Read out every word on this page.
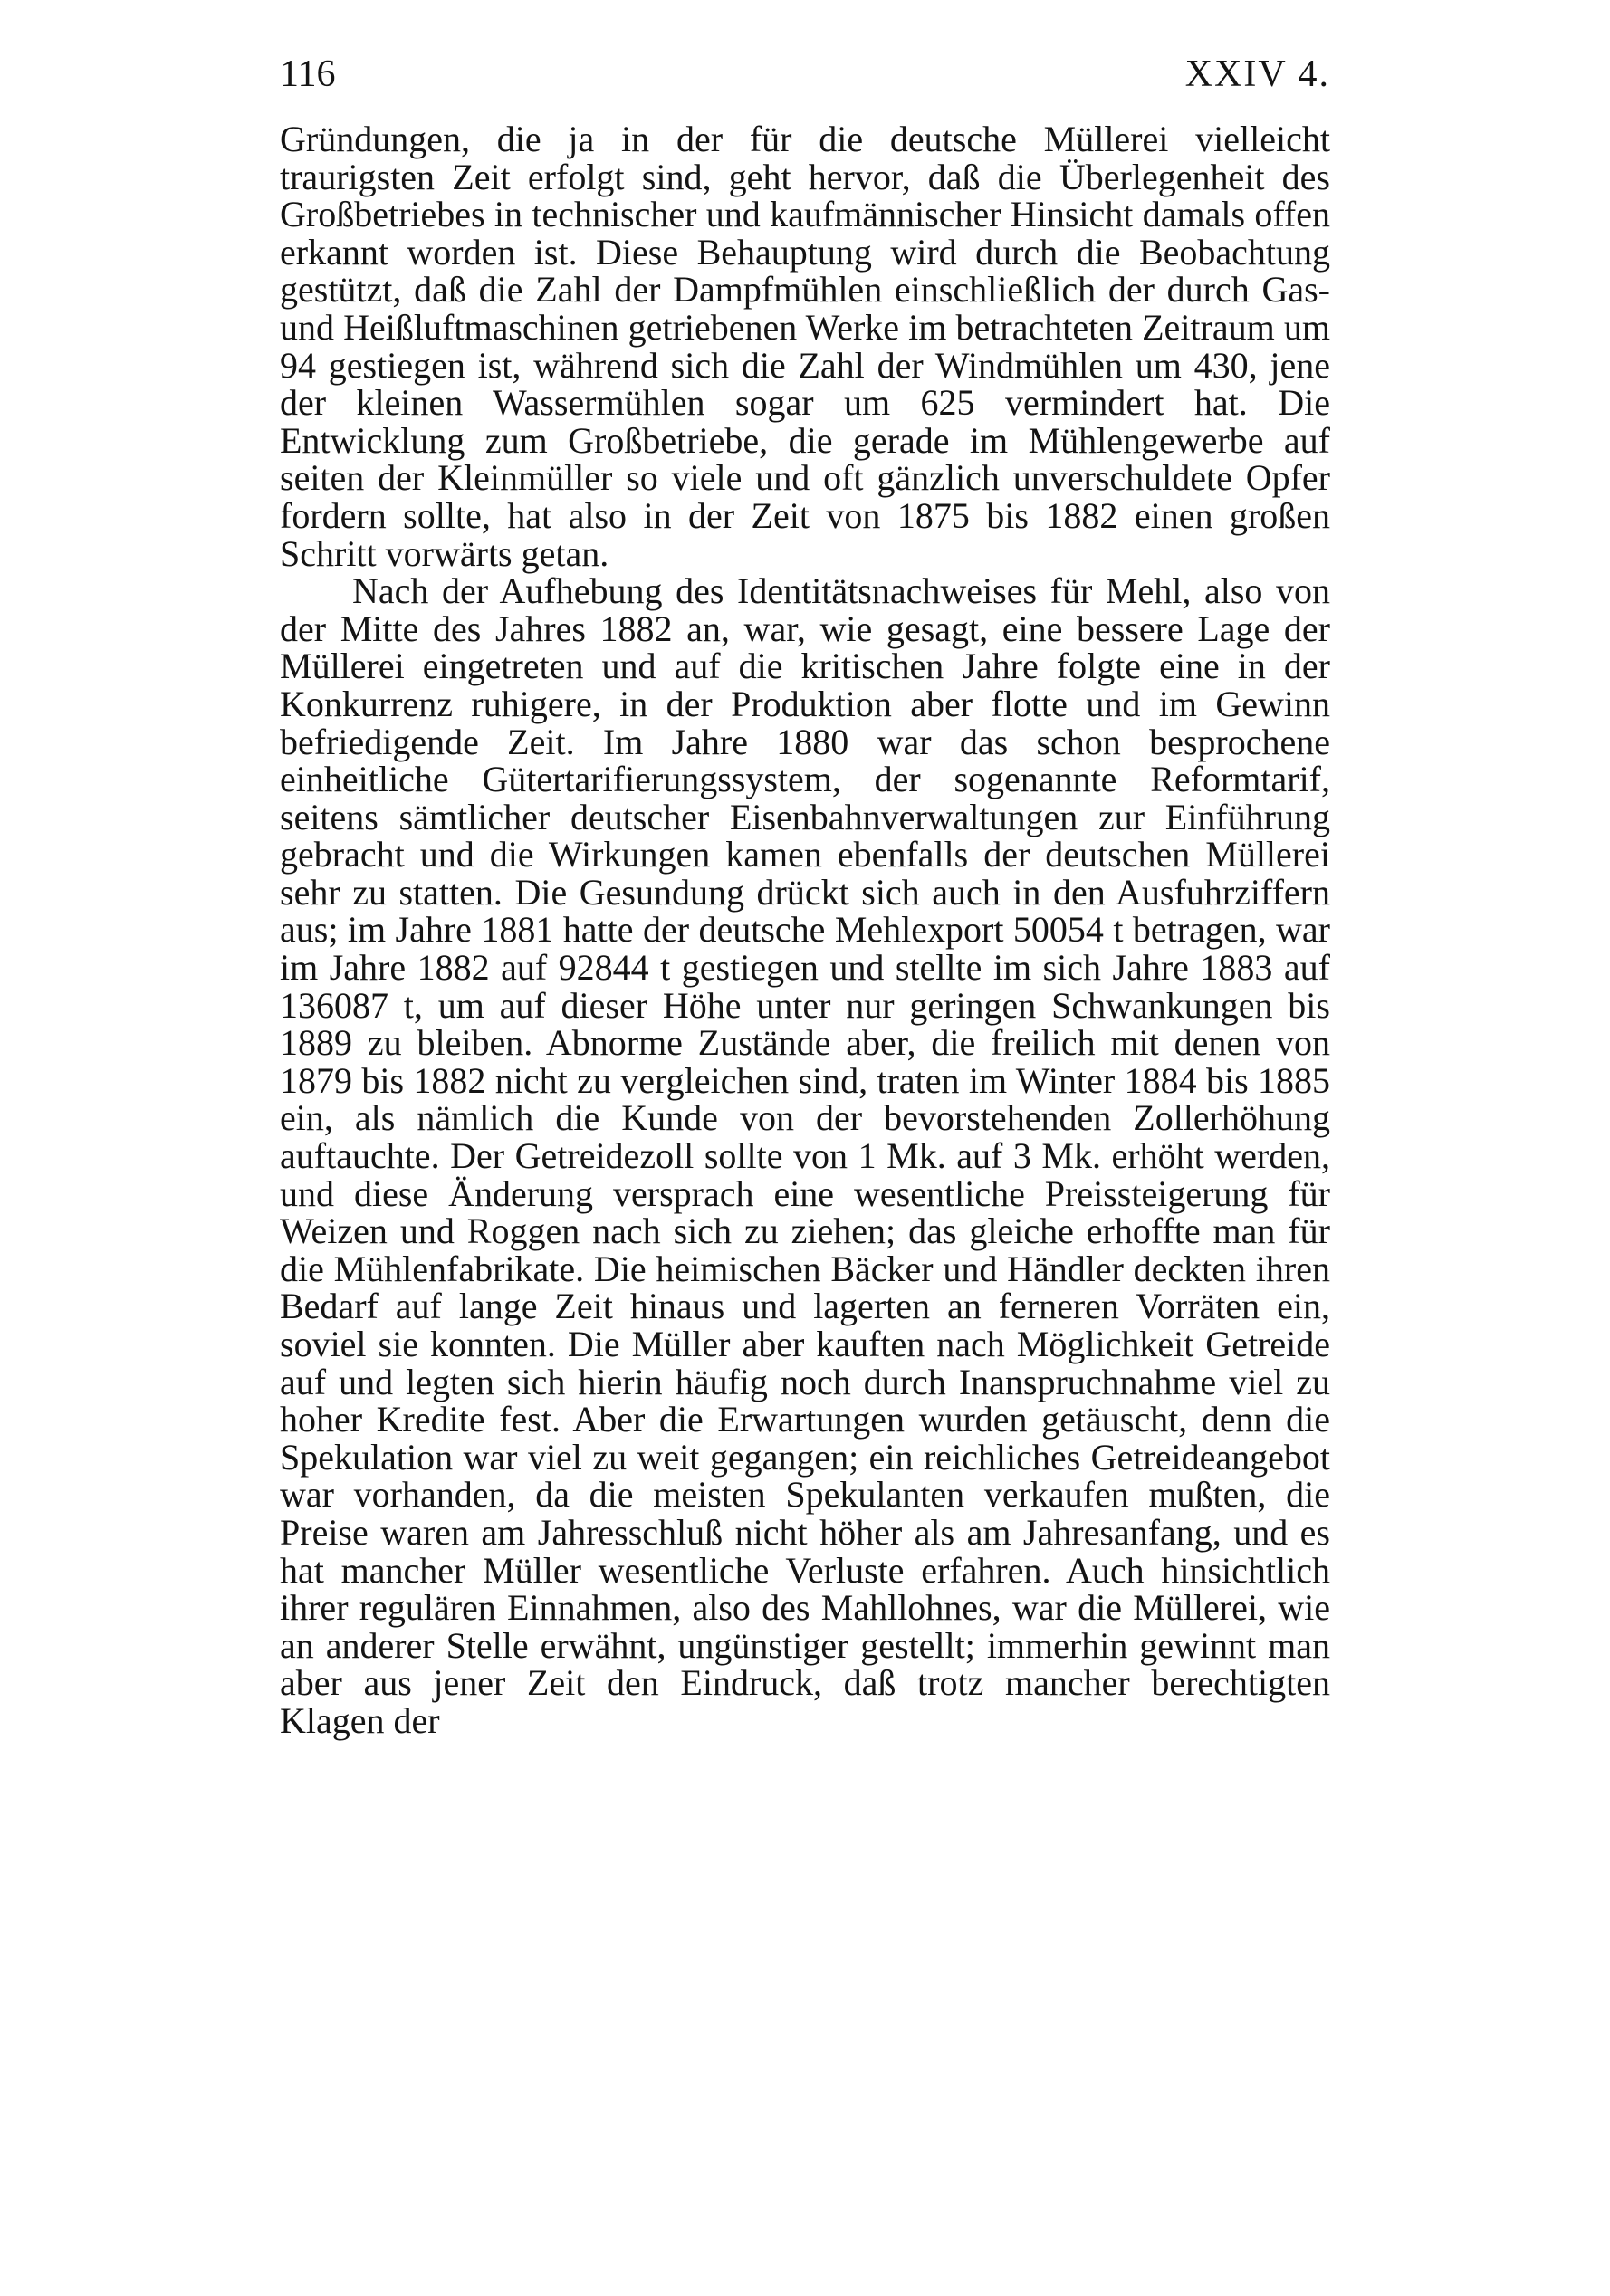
116	XXIV 4.

Gründungen, die ja in der für die deutsche Müllerei vielleicht traurigsten Zeit erfolgt sind, geht hervor, daß die Überlegenheit des Großbetriebes in technischer und kaufmännischer Hinsicht damals offen erkannt worden ist. Diese Behauptung wird durch die Beobachtung gestützt, daß die Zahl der Dampfmühlen einschließlich der durch Gas- und Heißluftmaschinen getriebenen Werke im betrachteten Zeitraum um 94 gestiegen ist, während sich die Zahl der Windmühlen um 430, jene der kleinen Wassermühlen sogar um 625 vermindert hat. Die Entwicklung zum Großbetriebe, die gerade im Mühlengewerbe auf seiten der Kleinmüller so viele und oft gänzlich unverschuldete Opfer fordern sollte, hat also in der Zeit von 1875 bis 1882 einen großen Schritt vorwärts getan.

Nach der Aufhebung des Identitätsnachweises für Mehl, also von der Mitte des Jahres 1882 an, war, wie gesagt, eine bessere Lage der Müllerei eingetreten und auf die kritischen Jahre folgte eine in der Konkurrenz ruhigere, in der Produktion aber flotte und im Gewinn befriedigende Zeit. Im Jahre 1880 war das schon besprochene einheitliche Gütertarifierungssystem, der sogenannte Reformtarif, seitens sämtlicher deutscher Eisenbahnverwaltungen zur Einführung gebracht und die Wirkungen kamen ebenfalls der deutschen Müllerei sehr zu statten. Die Gesundung drückt sich auch in den Ausfuhrziffern aus; im Jahre 1881 hatte der deutsche Mehlexport 50054 t betragen, war im Jahre 1882 auf 92844 t gestiegen und stellte im sich Jahre 1883 auf 136087 t, um auf dieser Höhe unter nur geringen Schwankungen bis 1889 zu bleiben. Abnorme Zustände aber, die freilich mit denen von 1879 bis 1882 nicht zu vergleichen sind, traten im Winter 1884 bis 1885 ein, als nämlich die Kunde von der bevorstehenden Zollerhöhung auftauchte. Der Getreidezoll sollte von 1 Mk. auf 3 Mk. erhöht werden, und diese Änderung versprach eine wesentliche Preissteigerung für Weizen und Roggen nach sich zu ziehen; das gleiche erhoffte man für die Mühlenfabrikate. Die heimischen Bäcker und Händler deckten ihren Bedarf auf lange Zeit hinaus und lagerten an ferneren Vorräten ein, soviel sie konnten. Die Müller aber kauften nach Möglichkeit Getreide auf und legten sich hierin häufig noch durch Inanspruchnahme viel zu hoher Kredite fest. Aber die Erwartungen wurden getäuscht, denn die Spekulation war viel zu weit gegangen; ein reichliches Getreideangebot war vorhanden, da die meisten Spekulanten verkaufen mußten, die Preise waren am Jahresschluß nicht höher als am Jahresanfang, und es hat mancher Müller wesentliche Verluste erfahren. Auch hinsichtlich ihrer regulären Einnahmen, also des Mahllohnes, war die Müllerei, wie an anderer Stelle erwähnt, ungünstiger gestellt; immerhin gewinnt man aber aus jener Zeit den Eindruck, daß trotz mancher berechtigten Klagen der
